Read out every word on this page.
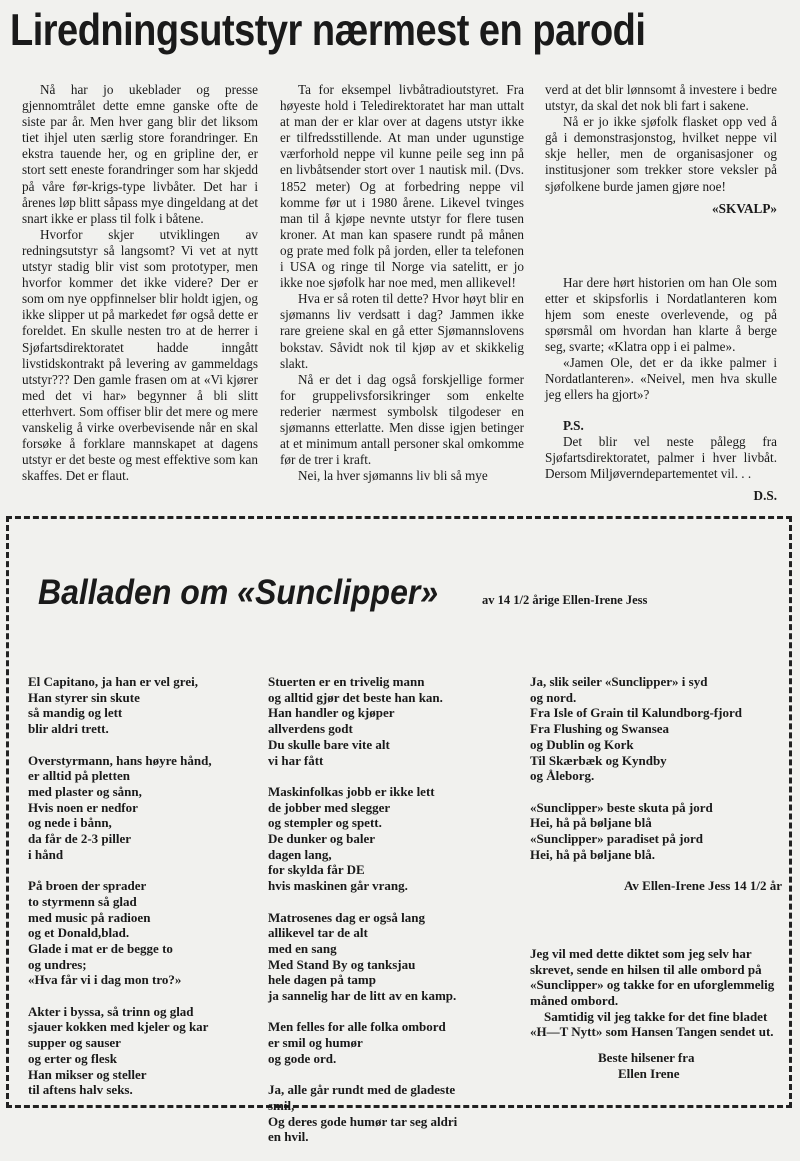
Liredningsutstyr nærmest en parodi

Nå har jo ukeblader og presse gjennomtrålet dette emne ganske ofte de siste par år. Men hver gang blir det liksom tiet ihjel uten særlig store forandringer. En ekstra tauende her, og en gripline der, er stort sett eneste forandringer som har skjedd på våre før-krigs-type livbåter. Det har i årenes løp blitt såpass mye dingeldang at det snart ikke er plass til folk i båtene.

Hvorfor skjer utviklingen av redningsutstyr så langsomt? Vi vet at nytt utstyr stadig blir vist som prototyper, men hvorfor kommer det ikke videre? Der er som om nye oppfinnelser blir holdt igjen, og ikke slipper ut på markedet før også dette er foreldet. En skulle nesten tro at de herrer i Sjøfartsdirektoratet hadde inngått livstidskontrakt på levering av gammeldags utstyr??? Den gamle frasen om at «Vi kjører med det vi har» begynner å bli slitt etterhvert. Som offiser blir det mere og mere vanskelig å virke overbevisende når en skal forsøke å forklare mannskapet at dagens utstyr er det beste og mest effektive som kan skaffes. Det er flaut.

Ta for eksempel livbåtradioutstyret. Fra høyeste hold i Teledirektoratet har man uttalt at man der er klar over at dagens utstyr ikke er tilfredsstillende. At man under ugunstige værforhold neppe vil kunne peile seg inn på en livbåtsender stort over 1 nautisk mil. (Dvs. 1852 meter) Og at forbedring neppe vil komme før ut i 1980 årene. Likevel tvinges man til å kjøpe nevnte utstyr for flere tusen kroner. At man kan spasere rundt på månen og prate med folk på jorden, eller ta telefonen i USA og ringe til Norge via satelitt, er jo ikke noe sjøfolk har noe med, men allikevel!

Hva er så roten til dette? Hvor høyt blir en sjømanns liv verdsatt i dag? Jammen ikke rare greiene skal en gå etter Sjømannslovens bokstav. Såvidt nok til kjøp av et skikkelig slakt.

Nå er det i dag også forskjellige former for gruppelivsforsikringer som enkelte rederier nærmest symbolsk tilgodeser en sjømanns etterlatte. Men disse igjen betinger at et minimum antall personer skal omkomme før de trer i kraft.

Nei, la hver sjømanns liv bli så mye

verd at det blir lønnsomt å investere i bedre utstyr, da skal det nok bli fart i sakene.

Nå er jo ikke sjøfolk flasket opp ved å gå i demonstrasjonstog, hvilket neppe vil skje heller, men de organisasjoner og institusjoner som trekker store veksler på sjøfolkene burde jamen gjøre noe!

«SKVALP»

Har dere hørt historien om han Ole som etter et skipsforlis i Nordatlanteren kom hjem som eneste overlevende, og på spørsmål om hvordan han klarte å berge seg, svarte; «Klatra opp i ei palme».

«Jamen Ole, det er da ikke palmer i Nordatlanteren». «Neivel, men hva skulle jeg ellers ha gjort»?

P.S.

Det blir vel neste pålegg fra Sjøfartsdirektoratet, palmer i hver livbåt. Dersom Miljøverndepartementet vil. . .

D.S.
Balladen om «Sunclipper»	av 14 1/2 årige Ellen-Irene Jess
El Capitano, ja han er vel grei,
Han styrer sin skute
så mandig og lett
blir aldri trett.
Overstyrmann, hans høyre hånd,
er alltid på pletten
med plaster og sånn,
Hvis noen er nedfor
og nede i bånn,
da får de 2-3 piller
i hånd
På broen der sprader
to styrmenn så glad
med music på radioen
og et Donald,blad.
Glade i mat er de begge to
og undres;
«Hva får vi i dag mon tro?»
Akter i byssa, så trinn og glad
sjauer kokken med kjeler og kar
supper og sauser
og erter og flesk
Han mikser og steller
til aftens halv seks.
Stuerten er en trivelig mann
og alltid gjør det beste han kan.
Han handler og kjøper
allverdens godt
Du skulle bare vite alt
vi har fått
Maskinfolkas jobb er ikke lett
de jobber med slegger
og stempler og spett.
De dunker og baler
dagen lang,
for skylda får DE
hvis maskinen går vrang.
Matrosenes dag er også lang
allikevel tar de alt
med en sang
Med Stand By og tanksjau
hele dagen på tamp
ja sannelig har de litt av en kamp.
Men felles for alle folka ombord
er smil og humør
og gode ord.
Ja, alle går rundt med de gladeste
smil,
Og deres gode humør tar seg aldri
en hvil.
Ja, slik seiler «Sunclipper» i syd
og nord.
Fra Isle of Grain til Kalundborg-fjord
Fra Flushing og Swansea
og Dublin og Kork
Til Skærbæk og Kyndby
og Åleborg.
«Sunclipper» beste skuta på jord
Hei, hå på bøljane blå
«Sunclipper» paradiset på jord
Hei, hå på bøljane blå.
Av Ellen-Irene Jess 14 1/2 år
Jeg vil med dette diktet som jeg selv har skrevet, sende en hilsen til alle ombord på «Sunclipper» og takke for en uforglemmelig måned ombord.
Samtidig vil jeg takke for det fine bladet «H—T Nytt» som Hansen Tangen sendet ut.
Beste hilsener fra
Ellen Irene
